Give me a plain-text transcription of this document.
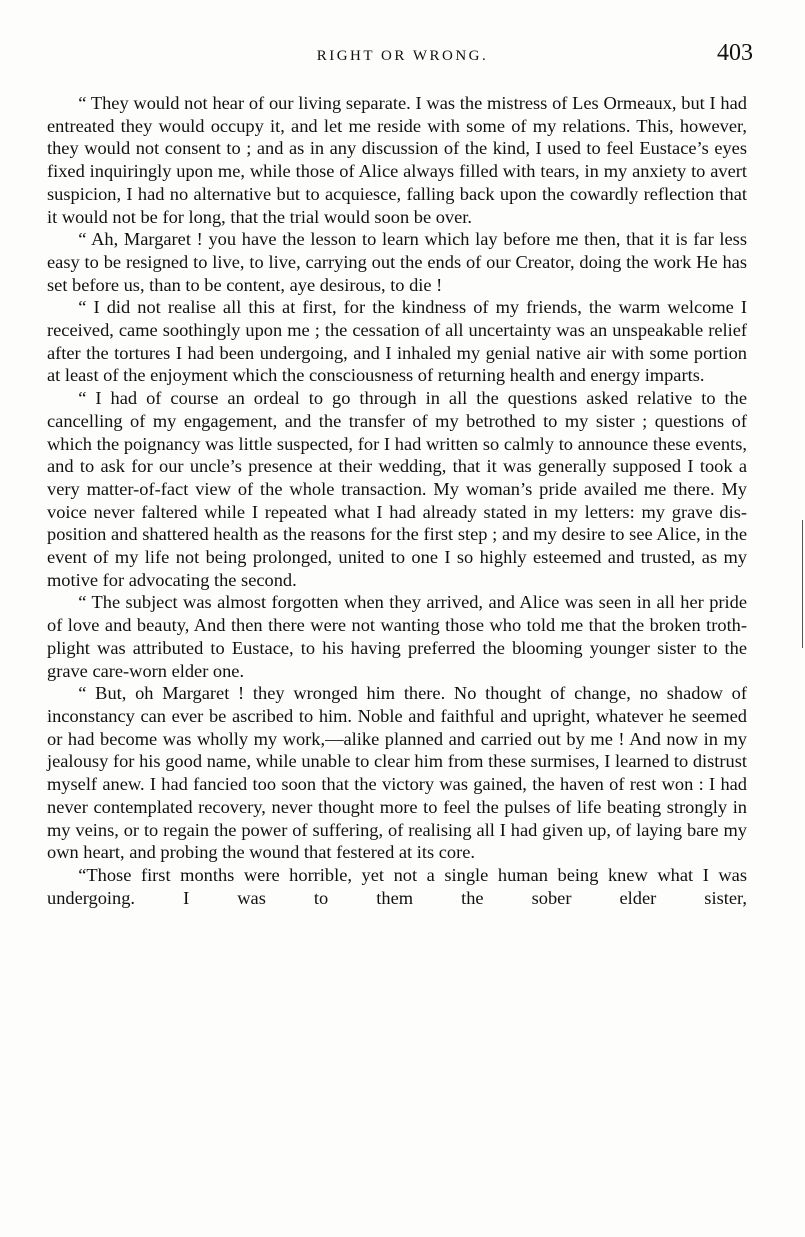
RIGHT OR WRONG.	403

“ They would not hear of our living separate. I was the mistress of Les Ormeaux, but I had entreated they would occupy it, and let me reside with some of my relations. This, however, they would not consent to ; and as in any discussion of the kind, I used to feel Eustace’s eyes fixed inquiringly upon me, while those of Alice always filled with tears, in my anxiety to avert suspicion, I had no alternative but to acquiesce, falling back upon the cowardly reflection that it would not be for long, that the trial would soon be over.

“ Ah, Margaret ! you have the lesson to learn which lay before me then, that it is far less easy to be resigned to live, to live, carrying out the ends of our Creator, doing the work He has set before us, than to be content, aye desirous, to die !

“ I did not realise all this at first, for the kindness of my friends, the warm welcome I received, came soothingly upon me ; the cessation of all uncertainty was an unspeakable relief after the tortures I had been undergoing, and I inhaled my genial native air with some portion at least of the enjoyment which the consciousness of returning health and energy imparts.

“ I had of course an ordeal to go through in all the questions asked relative to the cancelling of my engagement, and the transfer of my betrothed to my sister ; questions of which the poignancy was little suspected, for I had written so calmly to announce these events, and to ask for our uncle’s presence at their wedding, that it was generally supposed I took a very matter-of-fact view of the whole transaction. My woman’s pride availed me there. My voice never faltered while I repeated what I had already stated in my letters: my grave disposition and shattered health as the reasons for the first step ; and my desire to see Alice, in the event of my life not being prolonged, united to one I so highly esteemed and trusted, as my motive for advocating the second.

“ The subject was almost forgotten when they arrived, and Alice was seen in all her pride of love and beauty, And then there were not wanting those who told me that the broken troth-plight was attributed to Eustace, to his having preferred the blooming younger sister to the grave care-worn elder one.

“ But, oh Margaret ! they wronged him there. No thought of change, no shadow of inconstancy can ever be ascribed to him. Noble and faithful and upright, whatever he seemed or had become was wholly my work,—alike planned and carried out by me ! And now in my jealousy for his good name, while unable to clear him from these surmises, I learned to distrust myself anew. I had fancied too soon that the victory was gained, the haven of rest won : I had never contemplated recovery, never thought more to feel the pulses of life beating strongly in my veins, or to regain the power of suffering, of realising all I had given up, of laying bare my own heart, and probing the wound that festered at its core.

“Those first months were horrible, yet not a single human being knew what I was undergoing. I was to them the sober elder sister,
